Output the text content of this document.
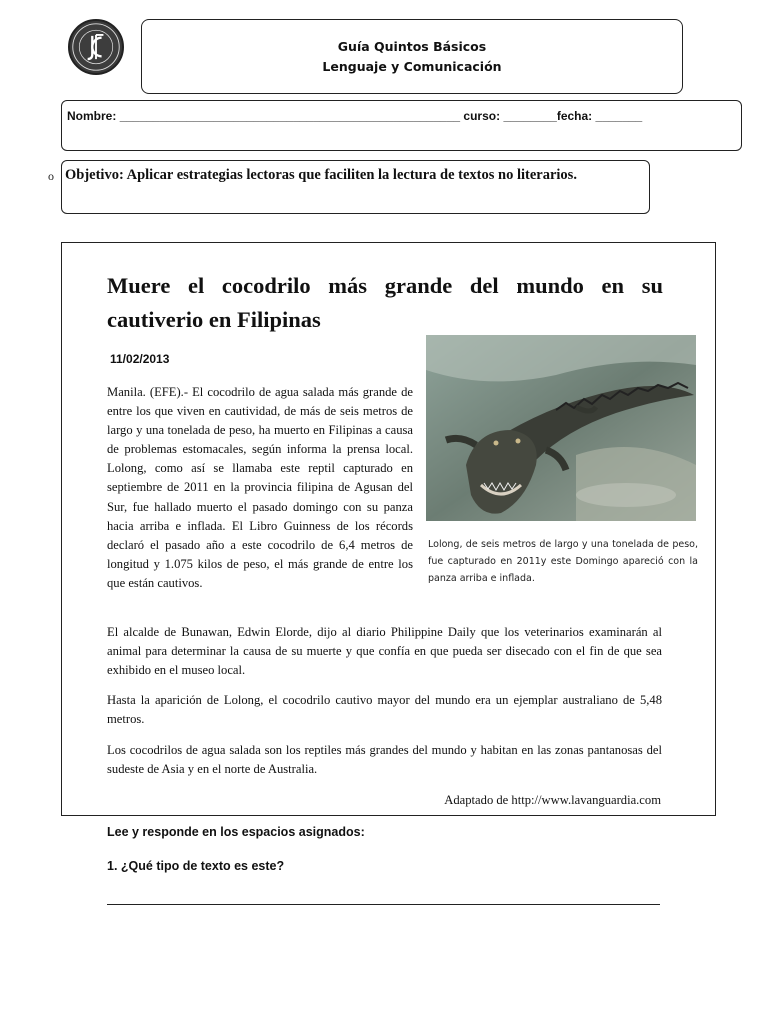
Guía Quintos Básicos
Lenguaje y Comunicación
Nombre: ___________________________________________________ curso: ________fecha: _______
o Objetivo: Aplicar estrategias lectoras que faciliten la lectura de textos no literarios.
Muere el cocodrilo más grande del mundo en su cautiverio en Filipinas
11/02/2013
Lolong, de seis metros de largo y una tonelada de peso, fue capturado en 2011y este Domingo apareció con la panza arriba e inflada.
Manila. (EFE).- El cocodrilo de agua salada más grande de entre los que viven en cautividad, de más de seis metros de largo y una tonelada de peso, ha muerto en Filipinas a causa de problemas estomacales, según informa la prensa local. Lolong, como así se llamaba este reptil capturado en septiembre de 2011 en la provincia filipina de Agusan del Sur, fue hallado muerto el pasado domingo con su panza hacia arriba e inflada. El Libro Guinness de los récords declaró el pasado año a este cocodrilo de 6,4 metros de longitud y 1.075 kilos de peso, el más grande de entre los que están cautivos.
El alcalde de Bunawan, Edwin Elorde, dijo al diario Philippine Daily que los veterinarios examinarán al animal para determinar la causa de su muerte y que confía en que pueda ser disecado con el fin de que sea exhibido en el museo local.
Hasta la aparición de Lolong, el cocodrilo cautivo mayor del mundo era un ejemplar australiano de 5,48 metros.
Los cocodrilos de agua salada son los reptiles más grandes del mundo y habitan en las zonas pantanosas del sudeste de Asia y en el norte de Australia.
Adaptado de http://www.lavanguardia.com
Lee y responde en los espacios asignados:
1. ¿Qué tipo de texto es este?
